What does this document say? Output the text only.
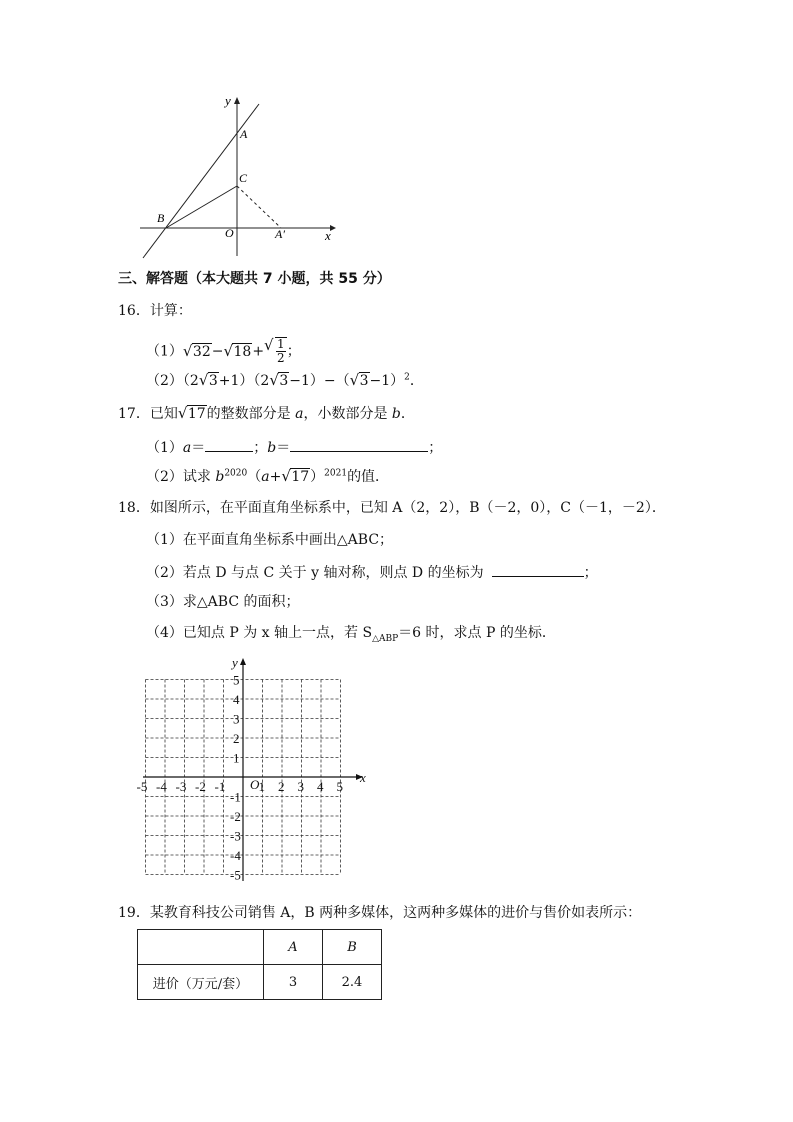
y
x
A
C
B
O	A′
三、解答题（本大题共 7 小题，共 55 分）
16．计算：
（1） √ 32− √ 18+ √ $\frac{1}{2}$ ；
（2）（2 √ 3+1）（2 √ 3−1）−（ √ 3−1）$^2$．
17．已知 √ 17的整数部分是 a，小数部分是 b．
（1）a＝	；b＝	；
（2）试求 $b^{2020}(a+$ √ 17）$^{2021}$的值．
18．如图所示，在平面直角坐标系中，已知 A（2，2），B（－2，0），C（－1，－2）．
（1）在平面直角坐标系中画出△ABC；
（2）若点 D 与点 C 关于 y 轴对称，则点 D 的坐标为	；
（3）求△ABC 的面积；
（4）已知点 P 为 x 轴上一点，若 $S_{\triangle ABP}=6$ 时，求点 P 的坐标．
x
y
O
-5 -4 -3 -2 -1	1 2 3 4 5
5
4
3
2
1
-1
-2
-3
-4
-5
19．某教育科技公司销售 A，B 两种多媒体，这两种多媒体的进价与售价如表所示：
	A	B
进价（万元/套）	3	2.4
